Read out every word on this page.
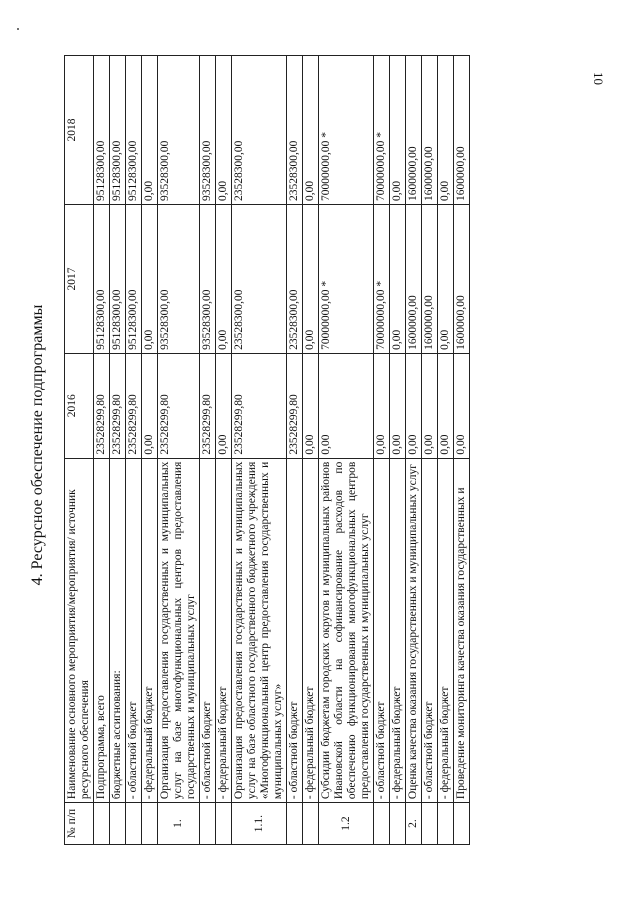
10
4. Ресурсное обеспечение подпрограммы
№ п/п	Наименование основного мероприятия/мероприятия/ источник ресурсного обеспечения	2016	2017	2018
	Подпрограмма, всего	23528299,80	95128300,00	95128300,00
	бюджетные ассигнования:	23528299,80	95128300,00	95128300,00
	- областной бюджет	23528299,80	95128300,00	95128300,00
	- федеральный бюджет	0,00	0,00	0,00
1.	Организация предоставления государственных и муниципальных услуг на базе многофункциональных центров предоставления государственных и муниципальных услуг	23528299,80	93528300,00	93528300,00
	- областной бюджет	23528299,80	93528300,00	93528300,00
	- федеральный бюджет	0,00	0,00	0,00
1.1.	Организация предоставления государственных и муниципальных услуг на базе областного государственного бюджетного учреждения «Многофункциональный центр предоставления государственных и муниципальных услуг»	23528299,80	23528300,00	23528300,00
	- областной бюджет	23528299,80	23528300,00	23528300,00
	- федеральный бюджет	0,00	0,00	0,00
1.2	Субсидии бюджетам городских округов и муниципальных районов Ивановской области на софинансирование расходов по обеспечению функционирования многофункциональных центров предоставления государственных и муниципальных услуг	0,00	70000000,00 *	70000000,00 *
	- областной бюджет	0,00	70000000,00 *	70000000,00 *
	- федеральный бюджет	0,00	0,00	0,00
2.	Оценка качества оказания государственных и муниципальных услуг	0,00	1600000,00	1600000,00
	- областной бюджет	0,00	1600000,00	1600000,00
	- федеральный бюджет	0,00	0,00	0,00
	Проведение мониторинга качества оказания государственных и	0,00	1600000,00	1600000,00
